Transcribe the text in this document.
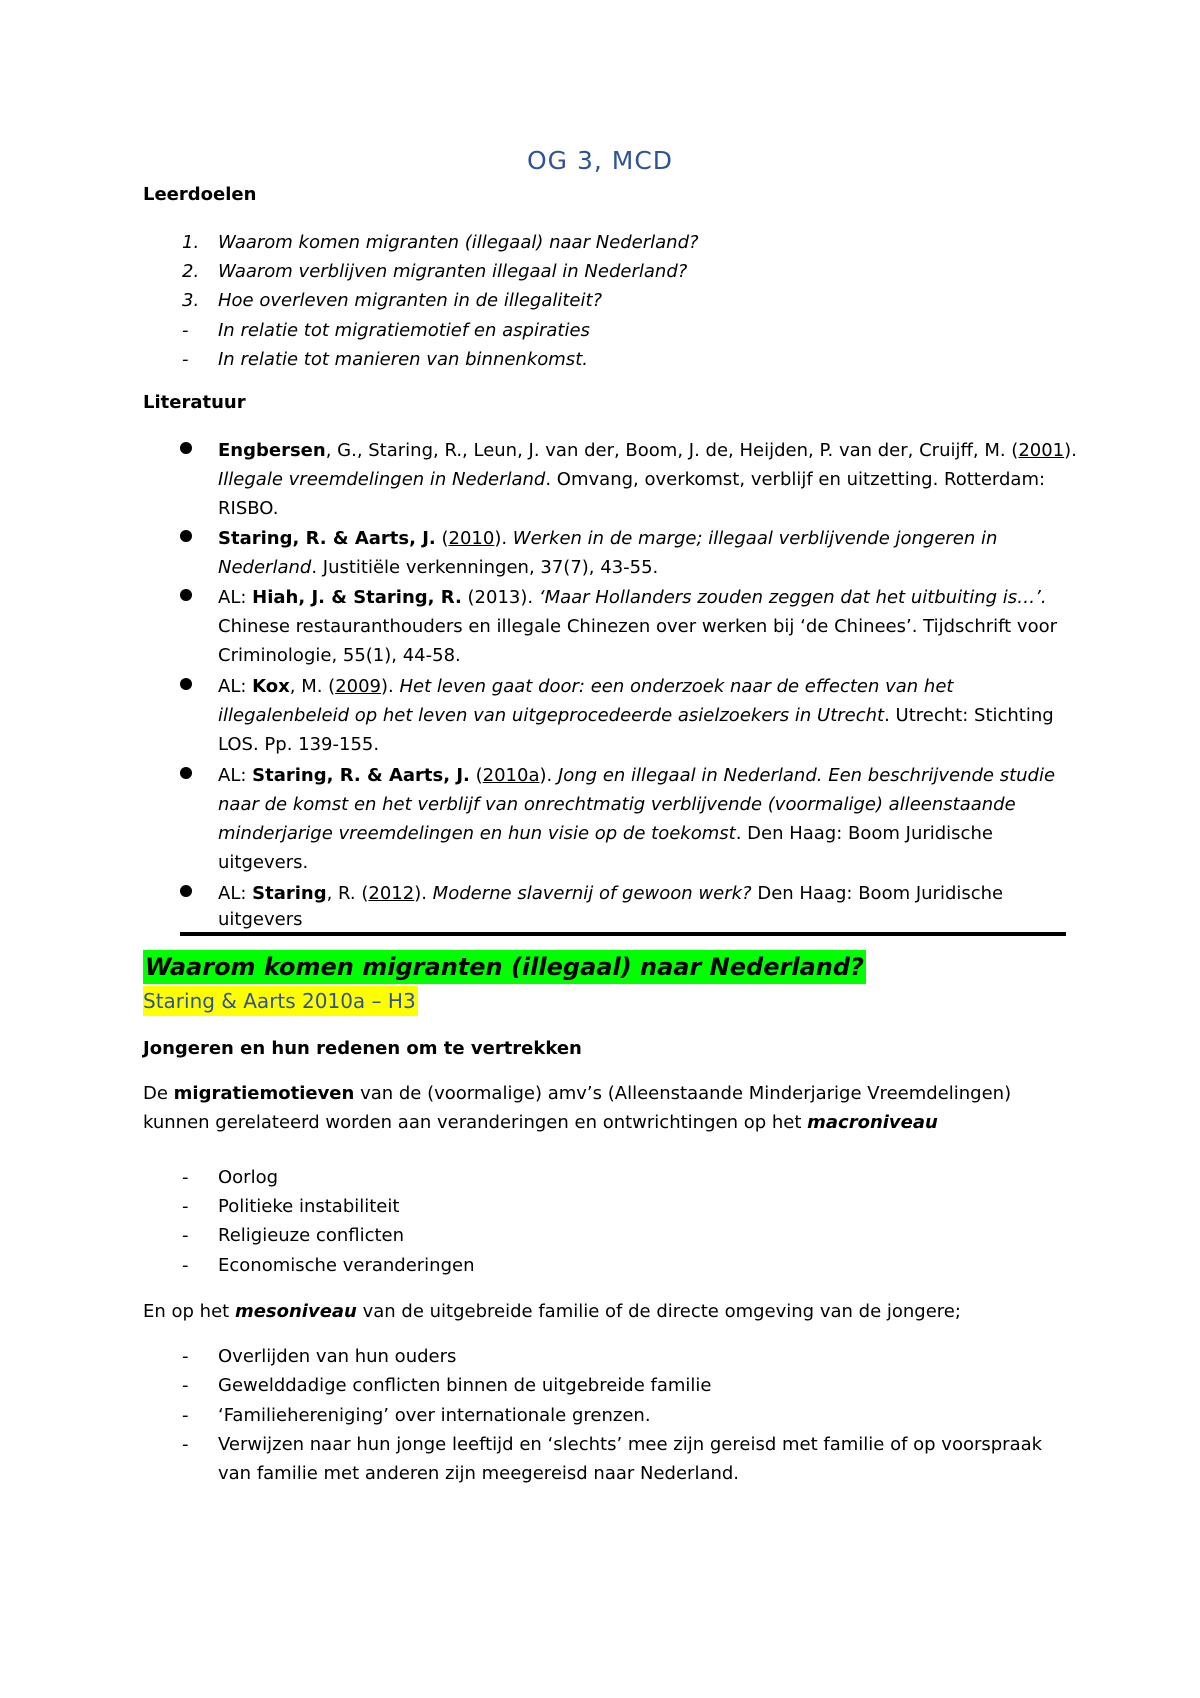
OG 3, MCD
Leerdoelen
1.	Waarom komen migranten (illegaal) naar Nederland?
2.	Waarom verblijven migranten illegaal in Nederland?
3.	Hoe overleven migranten in de illegaliteit?
-	In relatie tot migratiemotief en aspiraties
-	In relatie tot manieren van binnenkomst.
Literatuur
Engbersen, G., Staring, R., Leun, J. van der, Boom, J. de, Heijden, P. van der, Cruijff, M. (2001).
Illegale vreemdelingen in Nederland. Omvang, overkomst, verblijf en uitzetting. Rotterdam:
RISBO.
Staring, R. & Aarts, J. (2010). Werken in de marge; illegaal verblijvende jongeren in
Nederland. Justitiële verkenningen, 37(7), 43-55.
AL: Hiah, J. & Staring, R. (2013). ‘Maar Hollanders zouden zeggen dat het uitbuiting is…’.
Chinese restauranthouders en illegale Chinezen over werken bij ‘de Chinees’. Tijdschrift voor
Criminologie, 55(1), 44-58.
AL: Kox, M. (2009). Het leven gaat door: een onderzoek naar de effecten van het
illegalenbeleid op het leven van uitgeprocedeerde asielzoekers in Utrecht. Utrecht: Stichting
LOS. Pp. 139-155.
AL: Staring, R. & Aarts, J. (2010a). Jong en illegaal in Nederland. Een beschrijvende studie
naar de komst en het verblijf van onrechtmatig verblijvende (voormalige) alleenstaande
minderjarige vreemdelingen en hun visie op de toekomst. Den Haag: Boom Juridische
uitgevers.
AL: Staring, R. (2012). Moderne slavernij of gewoon werk? Den Haag: Boom Juridische
uitgevers
Waarom komen migranten (illegaal) naar Nederland?
Staring & Aarts 2010a – H3
Jongeren en hun redenen om te vertrekken
De migratiemotieven van de (voormalige) amv’s (Alleenstaande Minderjarige Vreemdelingen)
kunnen gerelateerd worden aan veranderingen en ontwrichtingen op het macroniveau
-	Oorlog
-	Politieke instabiliteit
-	Religieuze conflicten
-	Economische veranderingen
En op het mesoniveau van de uitgebreide familie of de directe omgeving van de jongere;
-	Overlijden van hun ouders
-	Gewelddadige conflicten binnen de uitgebreide familie
-	‘Familiehereniging’ over internationale grenzen.
-	Verwijzen naar hun jonge leeftijd en ‘slechts’ mee zijn gereisd met familie of op voorspraak
van familie met anderen zijn meegereisd naar Nederland.
